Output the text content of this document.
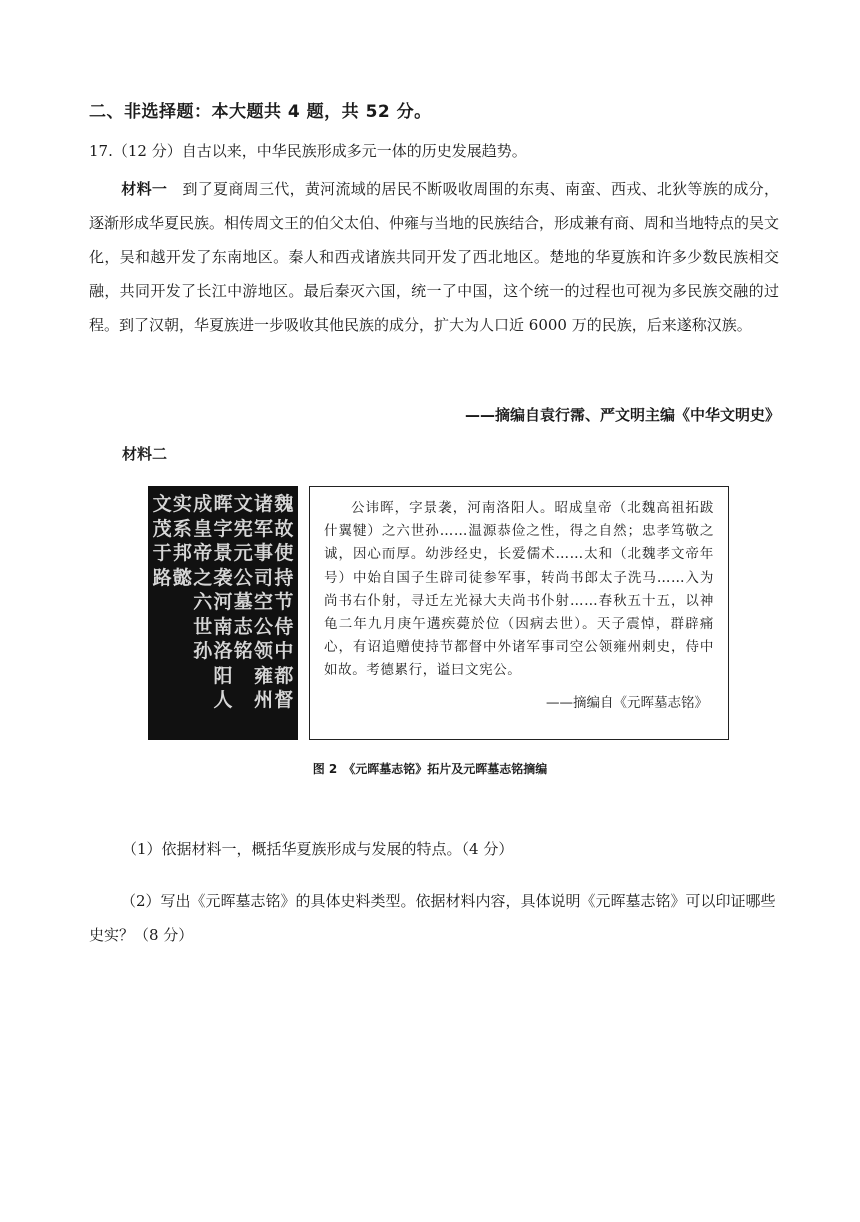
二、非选择题：本大题共 4 题，共 52 分。
17.（12 分）自古以来，中华民族形成多元一体的历史发展趋势。
材料一 到了夏商周三代，黄河流域的居民不断吸收周围的东夷、南蛮、西戎、北狄等族的成分，逐渐形成华夏民族。相传周文王的伯父太伯、仲雍与当地的民族结合，形成兼有商、周和当地特点的吴文化，吴和越开发了东南地区。秦人和西戎诸族共同开发了西北地区。楚地的华夏族和许多少数民族相交融，共同开发了长江中游地区。最后秦灭六国，统一了中国，这个统一的过程也可视为多民族交融的过程。到了汉朝，华夏族进一步吸收其他民族的成分，扩大为人口近 6000 万的民族，后来遂称汉族。
——摘编自袁行霈、严文明主编《中华文明史》
材料二
魏
故
使
持
节
侍
中
都
督
诸
军
事
司
空
公
领
雍
州
文
宪
元
公
墓
志
铭
晖
字
景
袭
河
南
洛
阳
人
成
皇
帝
之
六
世
孙
实
系
邦
懿
文
茂
于
路
公讳晖，字景袭，河南洛阳人。昭成皇帝（北魏高祖拓跋什翼犍）之六世孙……温源恭俭之性，得之自然；忠孝笃敬之诚，因心而厚。幼涉经史，长爱儒术……太和（北魏孝文帝年号）中始自国子生辟司徒参军事，转尚书郎太子洗马……入为尚书右仆射，寻迁左光禄大夫尚书仆射……春秋五十五，以神龟二年九月庚午遘疾薨於位（因病去世）。天子震悼，群辟痛心，有诏追赠使持节都督中外诸军事司空公领雍州刺史，侍中如故。考德累行，谥曰文宪公。
——摘编自《元晖墓志铭》
图 2　《元晖墓志铭》拓片及元晖墓志铭摘编
（1）依据材料一，概括华夏族形成与发展的特点。（4 分）
（2）写出《元晖墓志铭》的具体史料类型。依据材料内容，具体说明《元晖墓志铭》可以印证哪些史实？（8 分）
